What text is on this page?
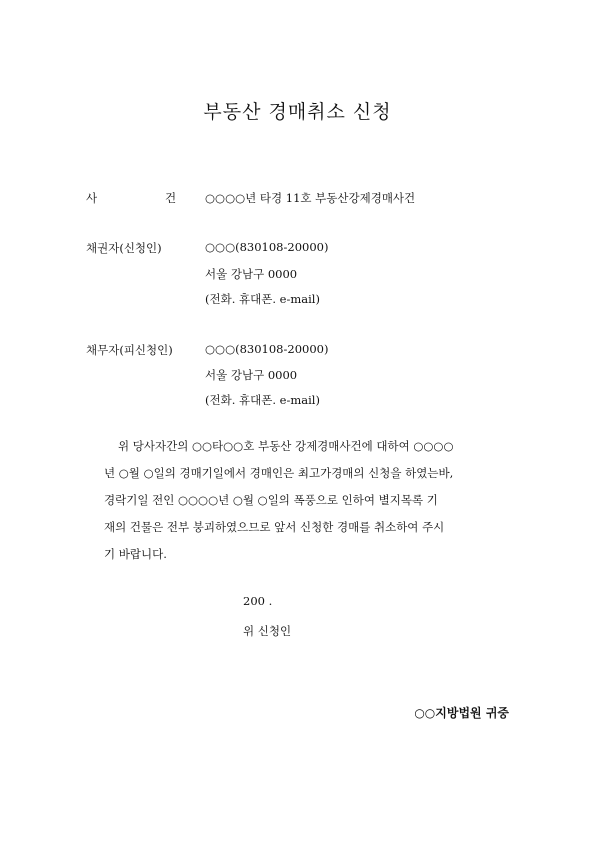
부동산 경매취소 신청
사	건	○○○○년 타경 11호 부동산강제경매사건
채권자(신청인)	○○○(830108-20000)
서울 강남구 0000
(전화. 휴대폰. e-mail)
채무자(피신청인)	○○○(830108-20000)
서울 강남구 0000
(전화. 휴대폰. e-mail)
위 당사자간의 ○○타○○호 부동산 강제경매사건에 대하여 ○○○○
년 ○월 ○일의 경매기일에서 경매인은 최고가경매의 신청을 하였는바,
경락기일 전인 ○○○○년 ○월 ○일의 폭풍으로 인하여 별지목록 기
재의 건물은 전부 붕괴하였으므로 앞서 신청한 경매를 취소하여 주시
기 바랍니다.
200 .
위 신청인
○○지방법원 귀중
